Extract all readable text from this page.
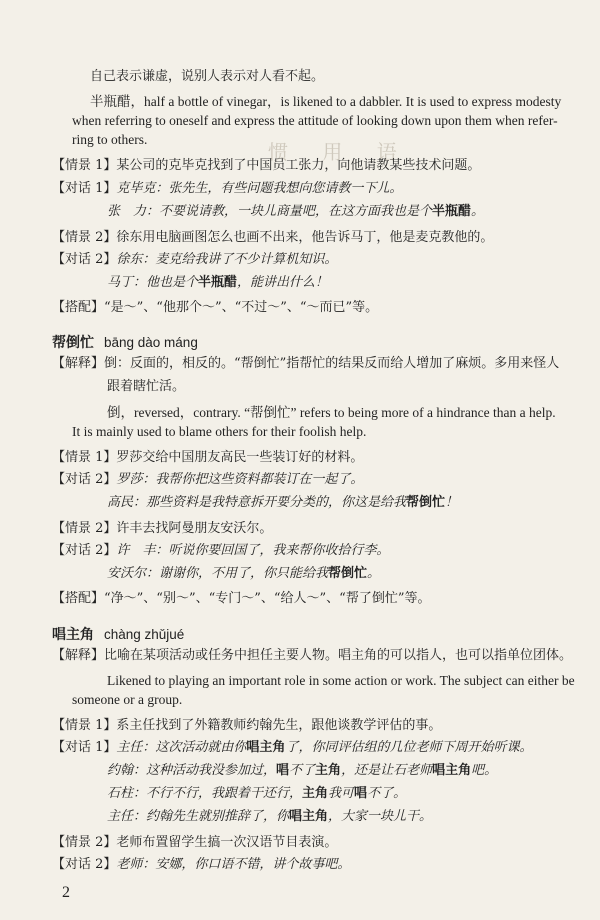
惯 用 语
自己表示谦虚，说别人表示对人看不起。
半瓶醋，half a bottle of vinegar，is likened to a dabbler. It is used to express modesty
when referring to oneself and express the attitude of looking down upon them when refer-
ring to others.
【情景 1】某公司的克毕克找到了中国员工张力，向他请教某些技术问题。
【对话 1】克毕克：张先生，有些问题我想向您请教一下儿。
张　力：不要说请教，一块儿商量吧，在这方面我也是个半瓶醋。
【情景 2】徐东用电脑画图怎么也画不出来，他告诉马丁，他是麦克教他的。
【对话 2】徐东：麦克给我讲了不少计算机知识。
马丁：他也是个半瓶醋，能讲出什么！
【搭配】“是～”、“他那个～”、“不过～”、“～而已”等。
帮倒忙 bāng dào máng
【解释】倒：反面的，相反的。“帮倒忙”指帮忙的结果反而给人增加了麻烦。多用来怪人
跟着瞎忙活。
倒，reversed，contrary. “帮倒忙” refers to being more of a hindrance than a help.
It is mainly used to blame others for their foolish help.
【情景 1】罗莎交给中国朋友高民一些装订好的材料。
【对话 2】罗莎：我帮你把这些资料都装订在一起了。
高民：那些资料是我特意拆开要分类的，你这是给我帮倒忙！
【情景 2】许丰去找阿曼朋友安沃尔。
【对话 2】许　丰：听说你要回国了，我来帮你收拾行李。
安沃尔：谢谢你，不用了，你只能给我帮倒忙。
【搭配】“净～”、“别～”、“专门～”、“给人～”、“帮了倒忙”等。
唱主角 chàng zhǔjué
【解释】比喻在某项活动或任务中担任主要人物。唱主角的可以指人，也可以指单位团体。
Likened to playing an important role in some action or work. The subject can either be
someone or a group.
【情景 1】系主任找到了外籍教师约翰先生，跟他谈教学评估的事。
【对话 1】主任：这次活动就由你唱主角了，你同评估组的几位老师下周开始听课。
约翰：这种活动我没参加过，唱不了主角，还是让石老师唱主角吧。
石柱：不行不行，我跟着干还行，主角我可唱不了。
主任：约翰先生就别推辞了，你唱主角，大家一块儿干。
【情景 2】老师布置留学生搞一次汉语节目表演。
【对话 2】老师：安娜，你口语不错，讲个故事吧。
2
